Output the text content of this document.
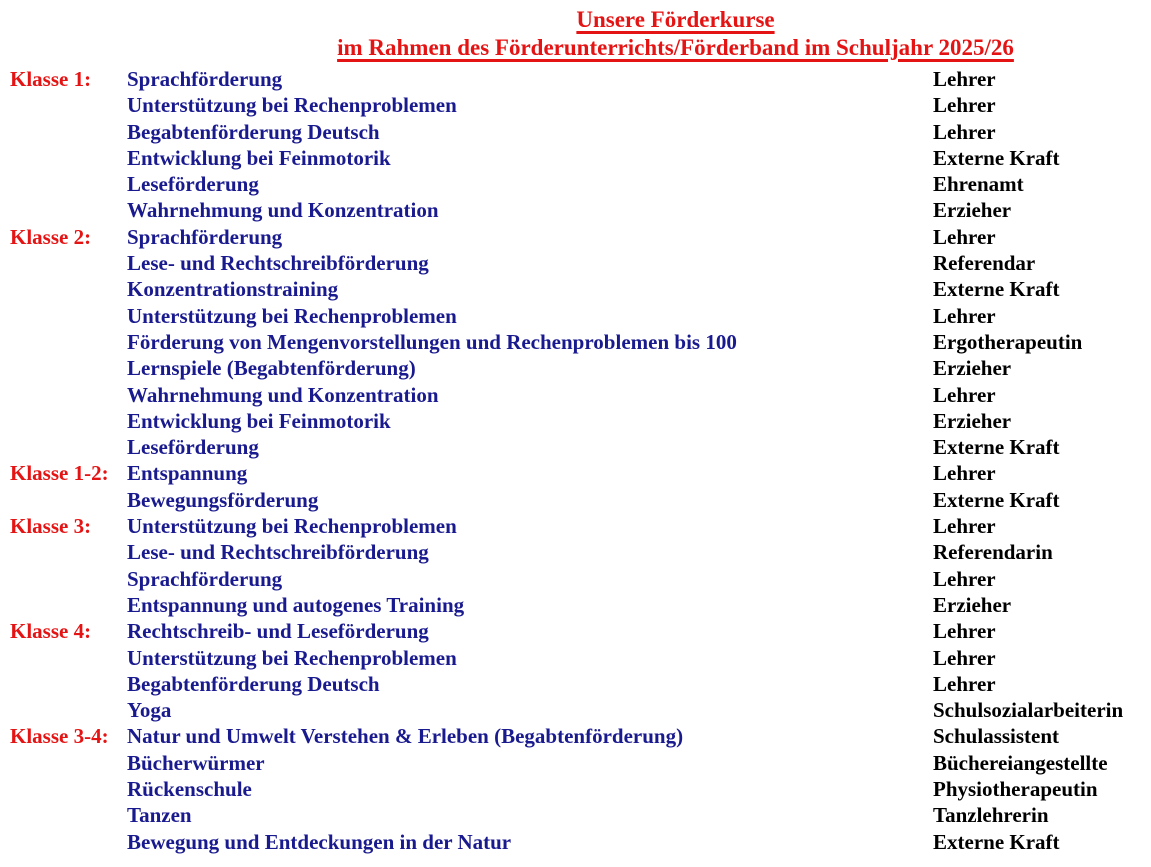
Unsere Förderkurse
im Rahmen des Förderunterrichts/Förderband im Schuljahr 2025/26
Klasse 1:	Sprachförderung	Lehrer
Unterstützung bei Rechenproblemen	Lehrer
Begabtenförderung Deutsch	Lehrer
Entwicklung bei Feinmotorik	Externe Kraft
Leseförderung	Ehrenamt
Wahrnehmung und Konzentration	Erzieher
Klasse 2:	Sprachförderung	Lehrer
Lese- und Rechtschreibförderung	Referendar
Konzentrationstraining	Externe Kraft
Unterstützung bei Rechenproblemen	Lehrer
Förderung von Mengenvorstellungen und Rechenproblemen bis 100	Ergotherapeutin
Lernspiele (Begabtenförderung)	Erzieher
Wahrnehmung und Konzentration	Lehrer
Entwicklung bei Feinmotorik	Erzieher
Leseförderung	Externe Kraft
Klasse 1-2: Entspannung	Lehrer
Bewegungsförderung	Externe Kraft
Klasse 3:	Unterstützung bei Rechenproblemen	Lehrer
Lese- und Rechtschreibförderung	Referendarin
Sprachförderung	Lehrer
Entspannung und autogenes Training	Erzieher
Klasse 4:	Rechtschreib- und Leseförderung	Lehrer
Unterstützung bei Rechenproblemen	Lehrer
Begabtenförderung Deutsch	Lehrer
Yoga	Schulsozialarbeiterin
Klasse 3-4: Natur und Umwelt Verstehen & Erleben (Begabtenförderung)	Schulassistent
Bücherwürmer	Büchereiangestellte
Rückenschule	Physiotherapeutin
Tanzen	Tanzlehrerin
Bewegung und Entdeckungen in der Natur	Externe Kraft
